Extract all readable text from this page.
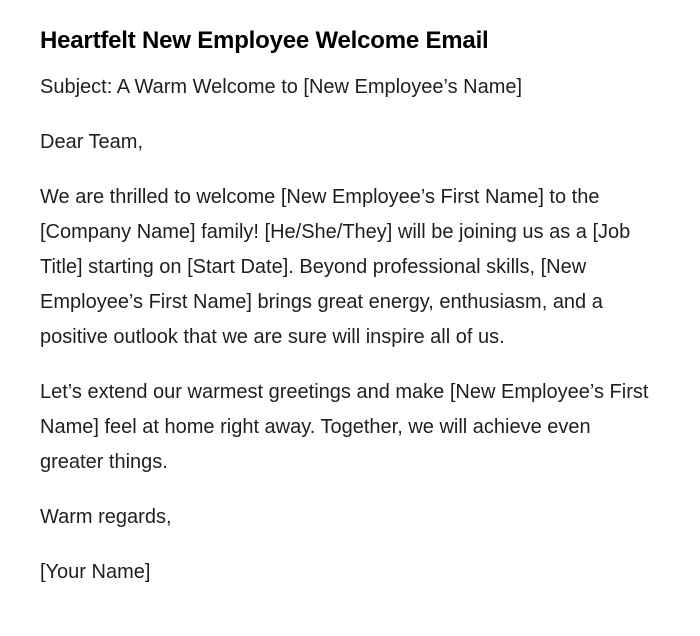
Heartfelt New Employee Welcome Email

Subject: A Warm Welcome to [New Employee’s Name]

Dear Team,

We are thrilled to welcome [New Employee’s First Name] to the [Company Name] family! [He/She/They] will be joining us as a [Job Title] starting on [Start Date]. Beyond professional skills, [New Employee’s First Name] brings great energy, enthusiasm, and a positive outlook that we are sure will inspire all of us.

Let’s extend our warmest greetings and make [New Employee’s First Name] feel at home right away. Together, we will achieve even greater things.

Warm regards,

[Your Name]
